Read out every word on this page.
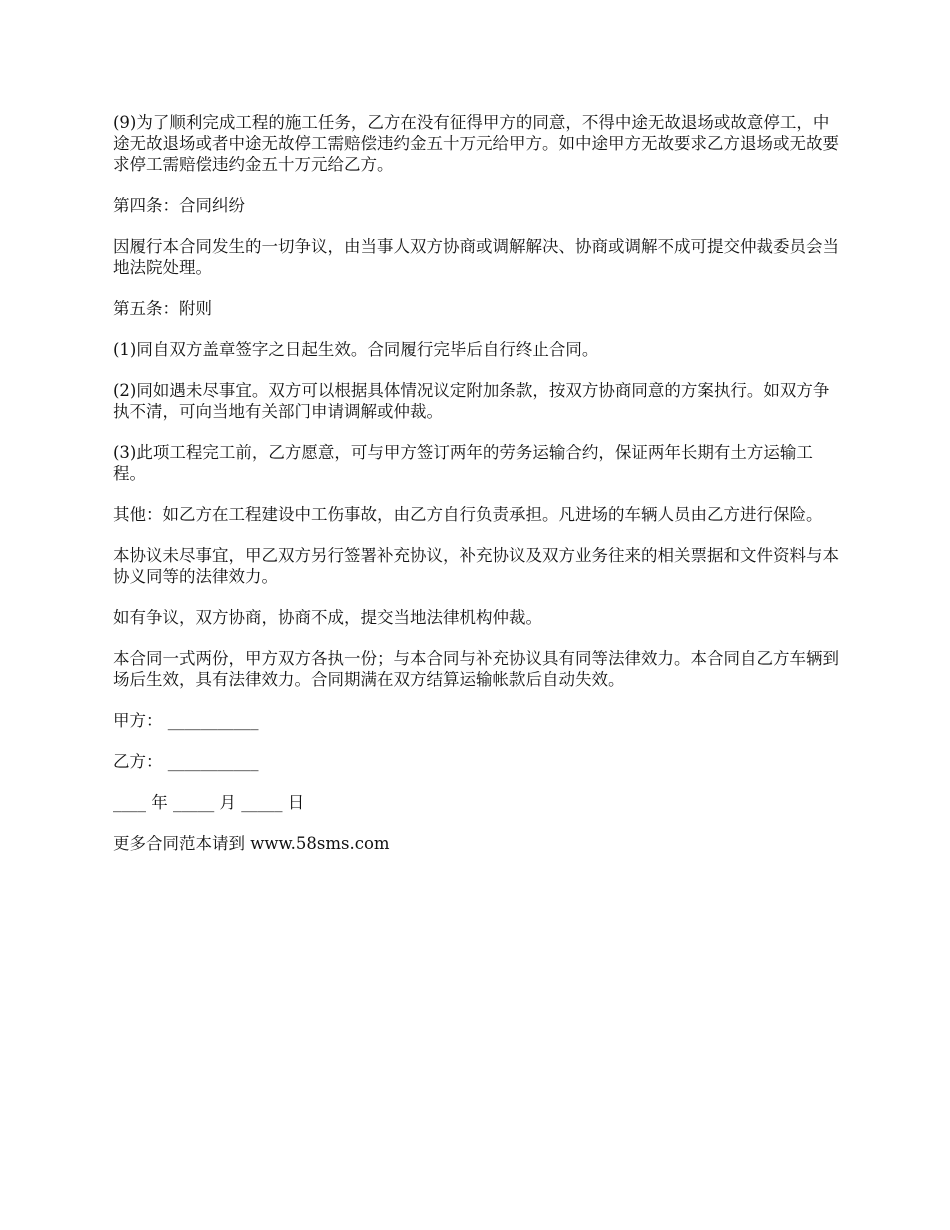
(9)为了顺利完成工程的施工任务，乙方在没有征得甲方的同意，不得中途无故退场或故意停工，中途无故退场或者中途无故停工需赔偿违约金五十万元给甲方。如中途甲方无故要求乙方退场或无故要求停工需赔偿违约金五十万元给乙方。

第四条：合同纠纷

因履行本合同发生的一切争议，由当事人双方协商或调解解决、协商或调解不成可提交仲裁委员会当地法院处理。

第五条：附则

(1)同自双方盖章签字之日起生效。合同履行完毕后自行终止合同。

(2)同如遇未尽事宜。双方可以根据具体情况议定附加条款，按双方协商同意的方案执行。如双方争执不清，可向当地有关部门申请调解或仲裁。

(3)此项工程完工前，乙方愿意，可与甲方签订两年的劳务运输合约，保证两年长期有土方运输工程。

其他：如乙方在工程建设中工伤事故，由乙方自行负责承担。凡进场的车辆人员由乙方进行保险。

本协议未尽事宜，甲乙双方另行签署补充协议，补充协议及双方业务往来的相关票据和文件资料与本协义同等的法律效力。

如有争议，双方协商，协商不成，提交当地法律机构仲裁。

本合同一式两份，甲方双方各执一份；与本合同与补充协议具有同等法律效力。本合同自乙方车辆到场后生效，具有法律效力。合同期满在双方结算运输帐款后自动失效。

甲方： ___________

乙方： ___________

____ 年 _____ 月 _____ 日

更多合同范本请到 www.58sms.com
